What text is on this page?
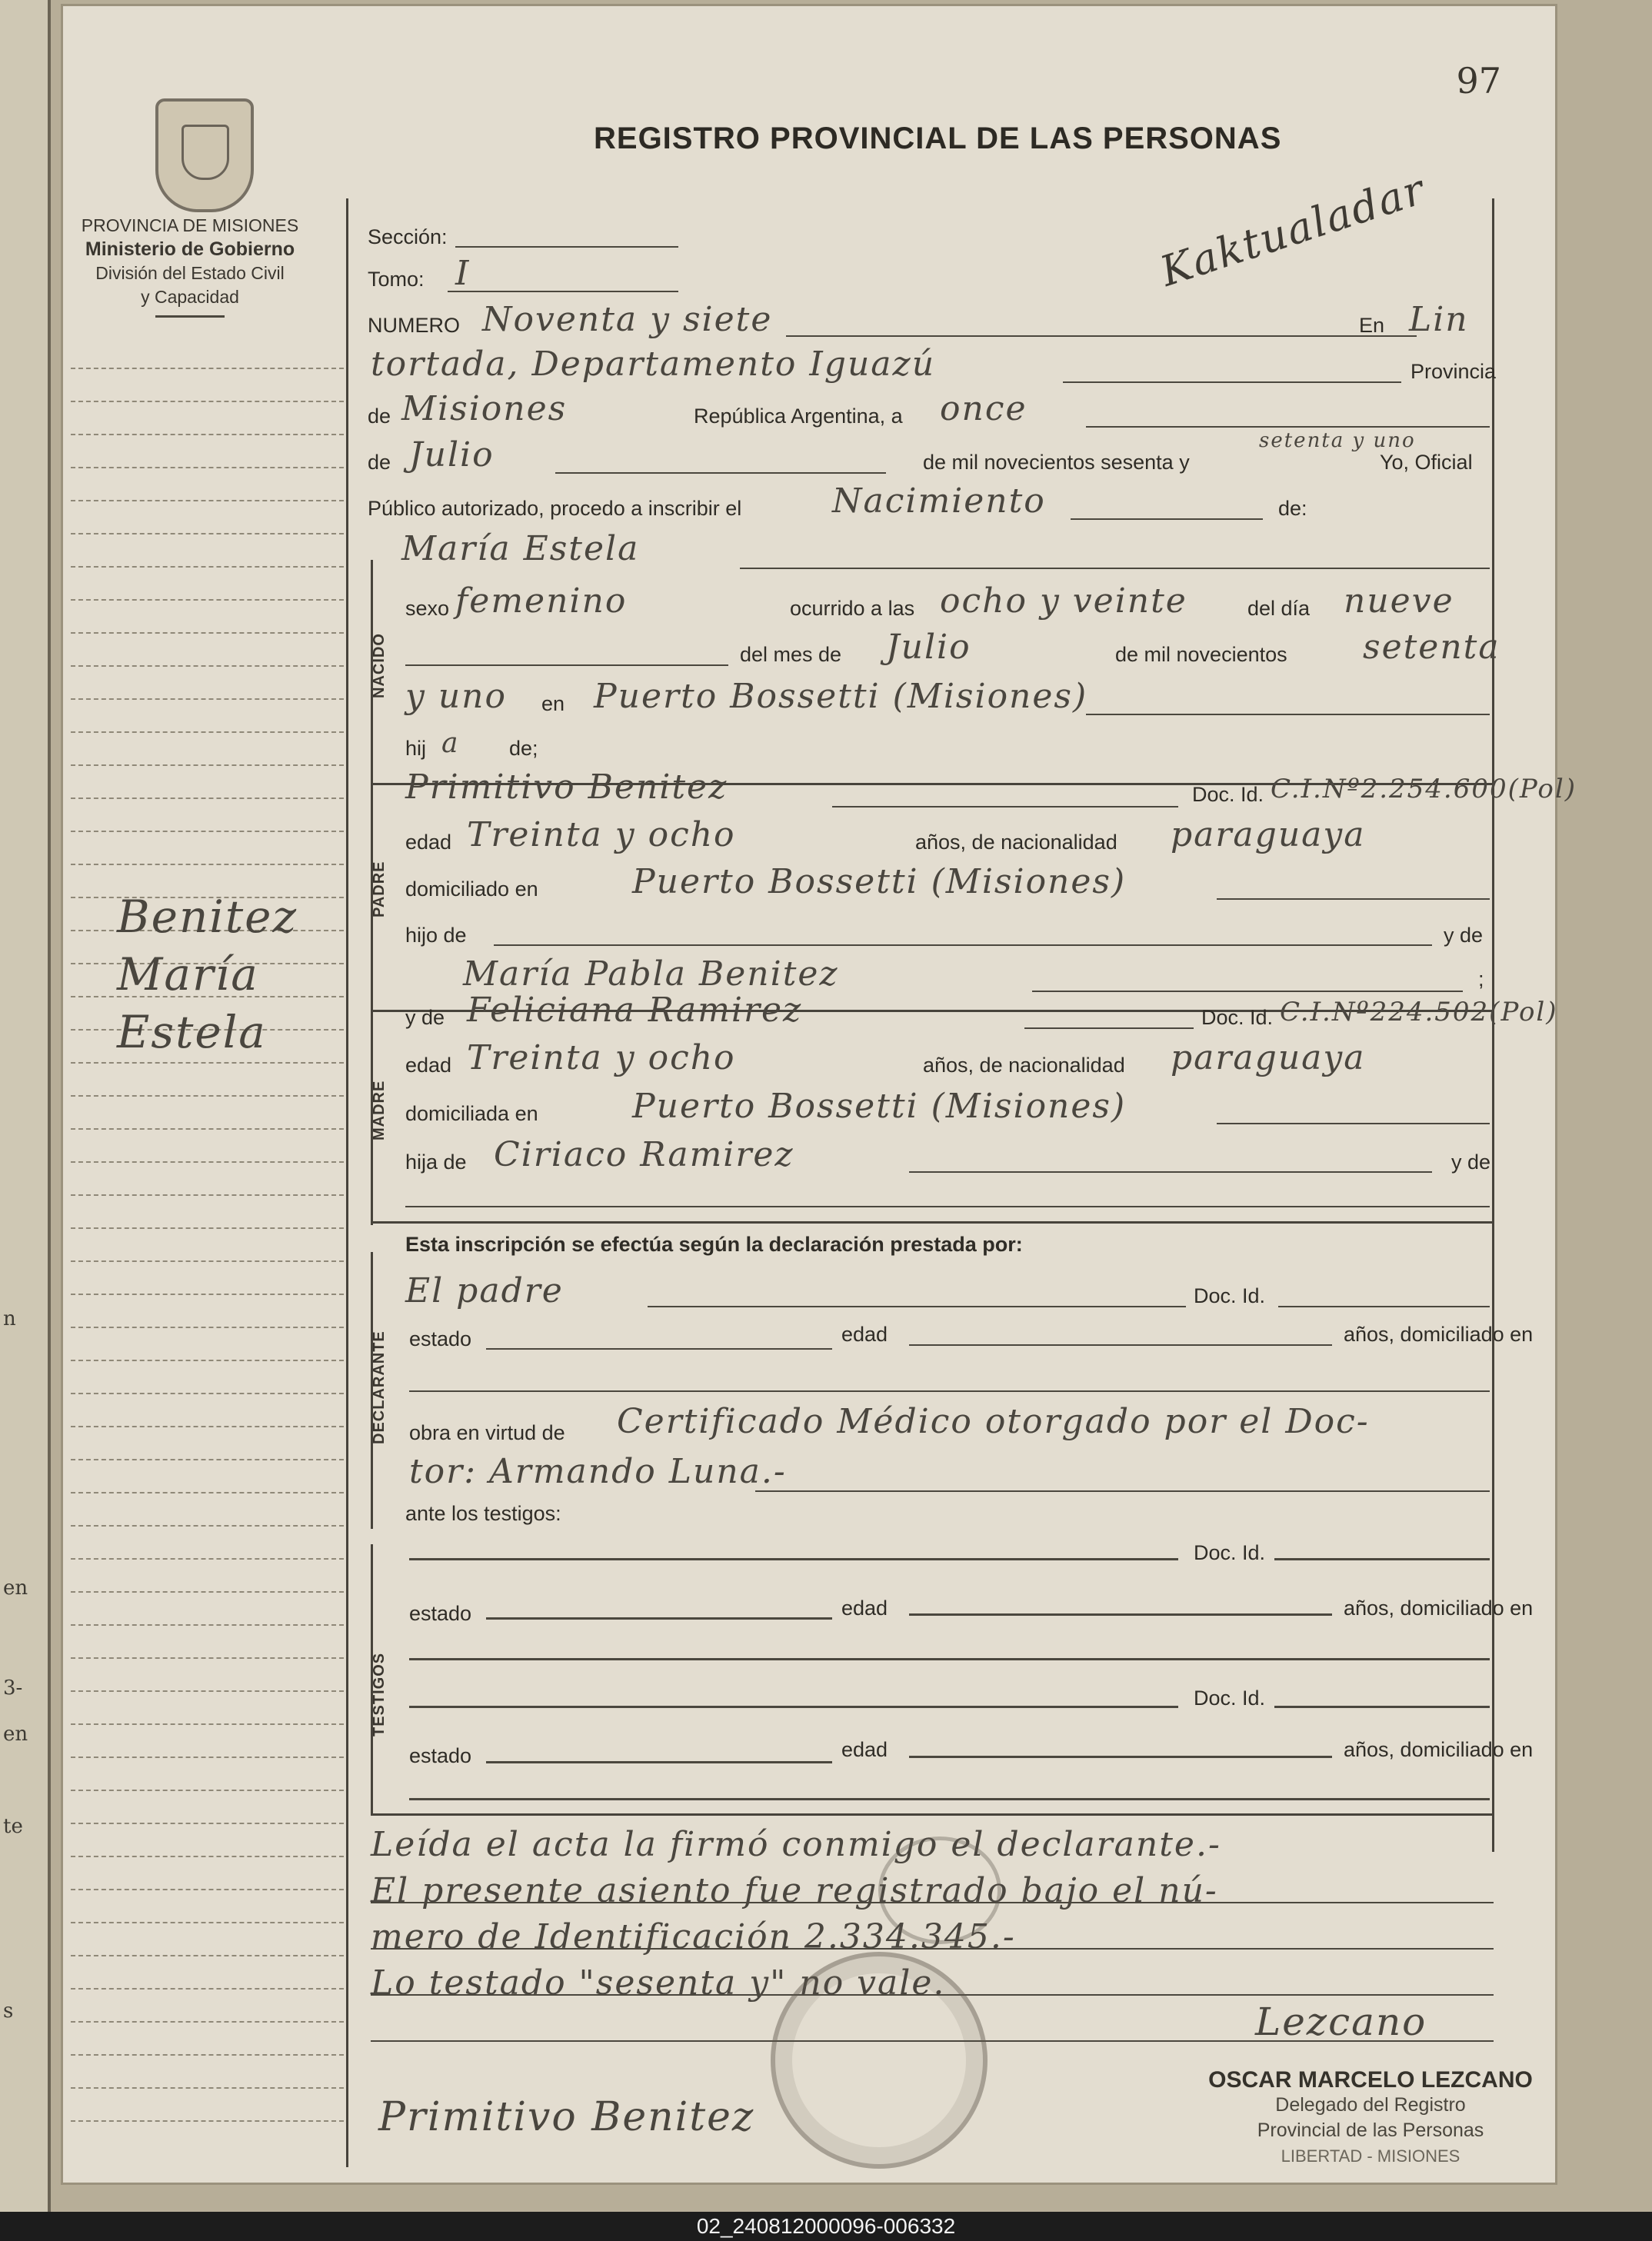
n
en
3-
en
te
s
97
REGISTRO PROVINCIAL DE LAS PERSONAS
Kaktualadar
PROVINCIA DE MISIONES
Ministerio de Gobierno
División del Estado Civil
y Capacidad
Benitez
María
Estela
NACIDO
PADRE
MADRE
DECLARANTE
TESTIGOS
Sección:
Tomo: I
NUMERO Noventa y siete	En Lin
tortada, Departamento Iguazú	Provincia
de Misiones	República Argentina, a once
de Julio	de mil novecientos sesenta y
setenta y uno
Yo, Oficial
Público autorizado, procedo a inscribir el	Nacimiento	de:
María Estela
sexo femenino	ocurrido a las ocho y veinte	del día nueve
del mes de Julio	de mil novecientos setenta
y uno en Puerto Bossetti (Misiones)
hij a de;
Primitivo Benitez	Doc. Id. C.I.Nº2.254.600(Pol)
edad Treinta y ocho	años, de nacionalidad paraguaya
domiciliado en	Puerto Bossetti (Misiones)
hijo de	y de
María Pabla Benitez	;
y de Feliciana Ramirez	Doc. Id. C.I.Nº224.502(Pol)
edad Treinta y ocho	años, de nacionalidad paraguaya
domiciliada en	Puerto Bossetti (Misiones)
hija de Ciriaco Ramirez	y de
Esta inscripción se efectúa según la declaración prestada por:
El padre	Doc. Id.
estado	edad	años, domiciliado en
obra en virtud de Certificado Médico otorgado por el Doc-
tor: Armando Luna.-
ante los testigos:
Doc. Id.
estado	edad	años, domiciliado en
Doc. Id.
estado	edad	años, domiciliado en
Leída el acta la firmó conmigo el declarante.-
El presente asiento fue registrado bajo el nú-
mero de Identificación 2.334.345.-
Lo testado "sesenta y" no vale.
Primitivo Benitez
Lezcano
OSCAR MARCELO LEZCANO
Delegado del Registro
Provincial de las Personas
LIBERTAD - MISIONES
02_240812000096-006332
